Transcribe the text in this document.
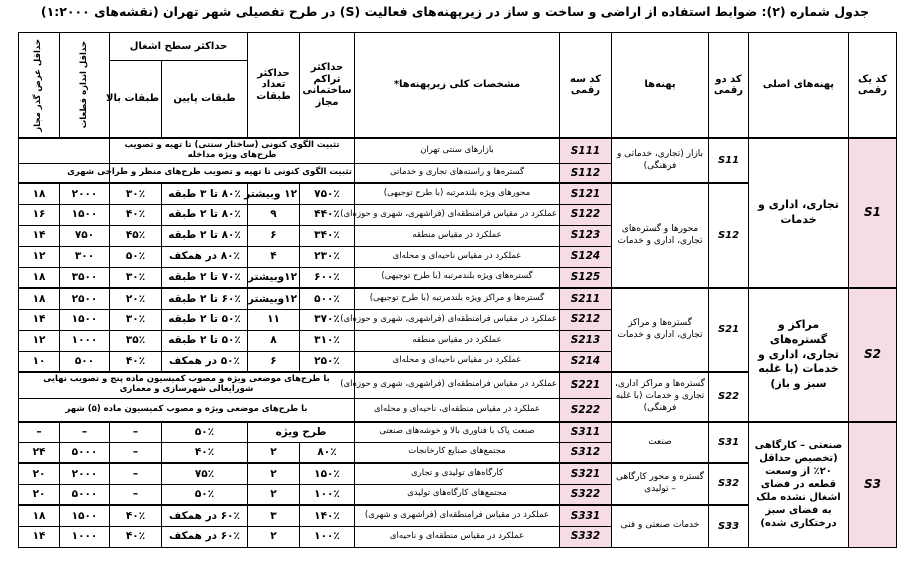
جدول شماره (۲): ضوابط استفاده از اراضی و ساخت و ساز در زیرپهنه‌های فعالیت (S) در طرح تفصیلی شهر تهران (نقشه‌های ۱:۲۰۰۰)
کد یک رقمی	پهنه‌های اصلی	کد دو رقمی	پهنه‌ها	کد سه رقمی	مشخصات کلی زیرپهنه‌ها*	حداکثر تراکم ساختمانی مجاز	حداکثر تعداد طبقات	حداکثر سطح اشغال		حداقل اندازه قطعات	حداقل عرض گذر مجاز

								طبقات پایین	طبقات بالا		
S1	تجاری، اداری و خدمات	S11	بازار (تجاری، خدماتی و فرهنگی)	S111	بازارهای سنتی تهران	تثبیت الگوی کنونی (ساختار سنتی) تا تهیه و تصویب طرح‌های ویژه مداخله					
				S112	گستره‌ها و راسته‌های تجاری و خدماتی	تثبیت الگوی کنونی تا تهیه و تصویب طرح‌های منظر و طراحی شهری					
		S12	محورها و گستره‌های تجاری، اداری و خدمات	S121	محورهای ویژه بلندمرتبه (با طرح توجیهی)	۷۵۰٪	۱۲ وبیشتر	۸۰٪ تا ۳ طبقه	۳۰٪	۲۰۰۰	۱۸
				S122	عملکرد در مقیاس فرامنطقه‌ای (فراشهری، شهری و حوزه‌ای)	۴۴۰٪	۹	۸۰٪ تا ۲ طبقه	۴۰٪	۱۵۰۰	۱۶
				S123	عملکرد در مقیاس منطقه	۳۴۰٪	۶	۸۰٪ تا ۲ طبقه	۴۵٪	۷۵۰	۱۴
				S124	عملکرد در مقیاس ناحیه‌ای و محله‌ای	۲۳۰٪	۴	۸۰٪ در همکف	۵۰٪	۳۰۰	۱۲
				S125	گستره‌های ویژه بلندمرتبه (با طرح توجیهی)	۶۰۰٪	۱۲وبیشتر	۷۰٪ تا ۲ طبقه	۳۰٪	۳۵۰۰	۱۸
S2	مراکز و گستره‌های تجاری، اداری و خدمات (با غلبه سبز و باز)	S21	گستره‌ها و مراکز تجاری، اداری و خدمات	S211	گستره‌ها و مراکز ویژه بلندمرتبه (با طرح توجیهی)	۵۰۰٪	۱۲وبیشتر	۶۰٪ تا ۲ طبقه	۲۰٪	۲۵۰۰	۱۸
				S212	عملکرد در مقیاس فرامنطقه‌ای (فراشهری، شهری و حوزه‌ای)	۳۷۰٪	۱۱	۵۰٪ تا ۲ طبقه	۳۰٪	۱۵۰۰	۱۴
				S213	عملکرد در مقیاس منطقه	۳۱۰٪	۸	۵۰٪ تا ۲ طبقه	۳۵٪	۱۰۰۰	۱۲
				S214	عملکرد در مقیاس ناحیه‌ای و محله‌ای	۲۵۰٪	۶	۵۰٪ در همکف	۴۰٪	۵۰۰	۱۰
		S22	گستره‌ها و مراکز اداری، تجاری و خدمات (با غلبه فرهنگی)	S221	عملکرد در مقیاس فرامنطقه‌ای (فراشهری، شهری و حوزه‌ای)	با طرح‌های موضعی ویژه و مصوب کمیسیون ماده پنج و تصویب نهایی شورایعالی شهرسازی و معماری					
				S222	عملکرد در مقیاس منطقه‌ای، ناحیه‌ای و محله‌ای	با طرح‌های موضعی ویژه و مصوب کمیسیون ماده (۵) شهر					
S3	صنعتی – کارگاهی (تخصیص حداقل ۲۰٪ از وسعت قطعه در فضای اشغال نشده ملک به فضای سبز درختکاری شده)	S31	صنعت	S311	صنعت پاک با فناوری بالا و خوشه‌های صنعتی	طرح ویژه		۵۰٪	–	–	–
				S312	مجتمع‌های صنایع کارخانجات	۸۰٪	۲	۴۰٪	–	۵۰۰۰	۲۴
		S32	گستره و محور کارگاهی – تولیدی	S321	کارگاه‌های تولیدی و تجاری	۱۵۰٪	۲	۷۵٪	–	۲۰۰۰	۲۰
				S322	مجتمع‌های کارگاه‌های تولیدی	۱۰۰٪	۲	۵۰٪	–	۵۰۰۰	۲۰
		S33	خدمات صنعتی و فنی	S331	عملکرد در مقیاس فرامنطقه‌ای (فراشهری و شهری)	۱۴۰٪	۳	۶۰٪ در همکف	۴۰٪	۱۵۰۰	۱۸
				S332	عملکرد در مقیاس منطقه‌ای و ناحیه‌ای	۱۰۰٪	۲	۶۰٪ در همکف	۴۰٪	۱۰۰۰	۱۴
